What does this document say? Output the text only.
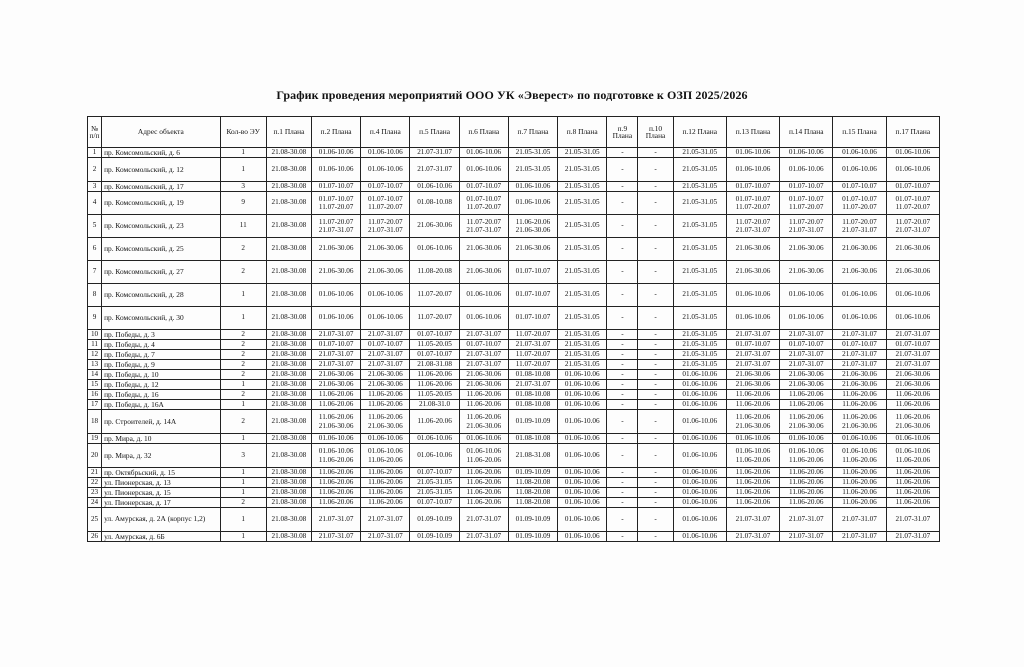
График проведения мероприятий ООО УК «Эверест» по подготовке к ОЗП 2025/2026
№ п/п	Адрес объекта	Кол-во ЭУ	п.1 Плана	п.2 Плана	п.4 Плана	п.5 Плана	п.6 Плана	п.7 Плана	п.8 Плана	п.9 Плана	п.10 Плана	п.12 Плана	п.13 Плана	п.14 Плана	п.15 Плана	п.17 Плана
1	пр. Комсомольский, д. 6	1	21.08-30.08	01.06-10.06	01.06-10.06	21.07-31.07	01.06-10.06	21.05-31.05	21.05-31.05	-	-	21.05-31.05	01.06-10.06	01.06-10.06	01.06-10.06	01.06-10.06
2	пр. Комсомольский, д. 12	1	21.08-30.08	01.06-10.06	01.06-10.06	21.07-31.07	01.06-10.06	21.05-31.05	21.05-31.05	-	-	21.05-31.05	01.06-10.06	01.06-10.06	01.06-10.06	01.06-10.06
3	пр. Комсомольский, д. 17	3	21.08-30.08	01.07-10.07	01.07-10.07	01.06-10.06	01.07-10.07	01.06-10.06	21.05-31.05	-	-	21.05-31.05	01.07-10.07	01.07-10.07	01.07-10.07	01.07-10.07
4	пр. Комсомольский, д. 19	9	21.08-30.08	01.07-10.07 11.07-20.07	01.07-10.07 11.07-20.07	01.08-10.08	01.07-10.07 11.07-20.07	01.06-10.06	21.05-31.05	-	-	21.05-31.05	01.07-10.07 11.07-20.07	01.07-10.07 11.07-20.07	01.07-10.07 11.07-20.07	01.07-10.07 11.07-20.07
5	пр. Комсомольский, д. 23	11	21.08-30.08	11.07-20.07 21.07-31.07	11.07-20.07 21.07-31.07	21.06-30.06	11.07-20.07 21.07-31.07	11.06-20.06 21.06-30.06	21.05-31.05	-	-	21.05-31.05	11.07-20.07 21.07-31.07	11.07-20.07 21.07-31.07	11.07-20.07 21.07-31.07	11.07-20.07 21.07-31.07
6	пр. Комсомольский, д. 25	2	21.08-30.08	21.06-30.06	21.06-30.06	01.06-10.06	21.06-30.06	21.06-30.06	21.05-31.05	-	-	21.05-31.05	21.06-30.06	21.06-30.06	21.06-30.06	21.06-30.06
7	пр. Комсомольский, д. 27	2	21.08-30.08	21.06-30.06	21.06-30.06	11.08-20.08	21.06-30.06	01.07-10.07	21.05-31.05	-	-	21.05-31.05	21.06-30.06	21.06-30.06	21.06-30.06	21.06-30.06
8	пр. Комсомольский, д. 28	1	21.08-30.08	01.06-10.06	01.06-10.06	11.07-20.07	01.06-10.06	01.07-10.07	21.05-31.05	-	-	21.05-31.05	01.06-10.06	01.06-10.06	01.06-10.06	01.06-10.06
9	пр. Комсомольский, д. 30	1	21.08-30.08	01.06-10.06	01.06-10.06	11.07-20.07	01.06-10.06	01.07-10.07	21.05-31.05	-	-	21.05-31.05	01.06-10.06	01.06-10.06	01.06-10.06	01.06-10.06
10	пр. Победы, д. 3	2	21.08-30.08	21.07-31.07	21.07-31.07	01.07-10.07	21.07-31.07	11.07-20.07	21.05-31.05	-	-	21.05-31.05	21.07-31.07	21.07-31.07	21.07-31.07	21.07-31.07
11	пр. Победы, д. 4	2	21.08-30.08	01.07-10.07	01.07-10.07	11.05-20.05	01.07-10.07	21.07-31.07	21.05-31.05	-	-	21.05-31.05	01.07-10.07	01.07-10.07	01.07-10.07	01.07-10.07
12	пр. Победы, д. 7	2	21.08-30.08	21.07-31.07	21.07-31.07	01.07-10.07	21.07-31.07	11.07-20.07	21.05-31.05	-	-	21.05-31.05	21.07-31.07	21.07-31.07	21.07-31.07	21.07-31.07
13	пр. Победы, д. 9	2	21.08-30.08	21.07-31.07	21.07-31.07	21.08-31.08	21.07-31.07	11.07-20.07	21.05-31.05	-	-	21.05-31.05	21.07-31.07	21.07-31.07	21.07-31.07	21.07-31.07
14	пр. Победы, д. 10	2	21.08-30.08	21.06-30.06	21.06-30.06	11.06-20.06	21.06-30.06	01.08-10.08	01.06-10.06	-	-	01.06-10.06	21.06-30.06	21.06-30.06	21.06-30.06	21.06-30.06
15	пр. Победы, д. 12	1	21.08-30.08	21.06-30.06	21.06-30.06	11.06-20.06	21.06-30.06	21.07-31.07	01.06-10.06	-	-	01.06-10.06	21.06-30.06	21.06-30.06	21.06-30.06	21.06-30.06
16	пр. Победы, д. 16	2	21.08-30.08	11.06-20.06	11.06-20.06	11.05-20.05	11.06-20.06	01.08-10.08	01.06-10.06	-	-	01.06-10.06	11.06-20.06	11.06-20.06	11.06-20.06	11.06-20.06
17	пр. Победы, д. 16А	1	21.08-30.08	11.06-20.06	11.06-20.06	21.08-31.0	11.06-20.06	01.08-10.08	01.06-10.06	-	-	01.06-10.06	11.06-20.06	11.06-20.06	11.06-20.06	11.06-20.06
18	пр. Строителей, д. 14А	2	21.08-30.08	11.06-20.06 21.06-30.06	11.06-20.06 21.06-30.06	11.06-20.06	11.06-20.06 21.06-30.06	01.09-10.09	01.06-10.06	-	-	01.06-10.06	11.06-20.06 21.06-30.06	11.06-20.06 21.06-30.06	11.06-20.06 21.06-30.06	11.06-20.06 21.06-30.06
19	пр. Мира, д. 10	1	21.08-30.08	01.06-10.06	01.06-10.06	01.06-10.06	01.06-10.06	01.08-10.08	01.06-10.06	-	-	01.06-10.06	01.06-10.06	01.06-10.06	01.06-10.06	01.06-10.06
20	пр. Мира, д. 32	3	21.08-30.08	01.06-10.06 11.06-20.06	01.06-10.06 11.06-20.06	01.06-10.06	01.06-10.06 11.06-20.06	21.08-31.08	01.06-10.06	-	-	01.06-10.06	01.06-10.06 11.06-20.06	01.06-10.06 11.06-20.06	01.06-10.06 11.06-20.06	01.06-10.06 11.06-20.06
21	пр. Октябрьский, д. 15	1	21.08-30.08	11.06-20.06	11.06-20.06	01.07-10.07	11.06-20.06	01.09-10.09	01.06-10.06	-	-	01.06-10.06	11.06-20.06	11.06-20.06	11.06-20.06	11.06-20.06
22	ул. Пионерская, д. 13	1	21.08-30.08	11.06-20.06	11.06-20.06	21.05-31.05	11.06-20.06	11.08-20.08	01.06-10.06	-	-	01.06-10.06	11.06-20.06	11.06-20.06	11.06-20.06	11.06-20.06
23	ул. Пионерская, д. 15	1	21.08-30.08	11.06-20.06	11.06-20.06	21.05-31.05	11.06-20.06	11.08-20.08	01.06-10.06	-	-	01.06-10.06	11.06-20.06	11.06-20.06	11.06-20.06	11.06-20.06
24	ул. Пионерская, д. 17	2	21.08-30.08	11.06-20.06	11.06-20.06	01.07-10.07	11.06-20.06	11.08-20.08	01.06-10.06	-	-	01.06-10.06	11.06-20.06	11.06-20.06	11.06-20.06	11.06-20.06
25	ул. Амурская, д. 2А (корпус 1,2)	1	21.08-30.08	21.07-31.07	21.07-31.07	01.09-10.09	21.07-31.07	01.09-10.09	01.06-10.06	-	-	01.06-10.06	21.07-31.07	21.07-31.07	21.07-31.07	21.07-31.07
26	ул. Амурская, д. 6Б	1	21.08-30.08	21.07-31.07	21.07-31.07	01.09-10.09	21.07-31.07	01.09-10.09	01.06-10.06	-	-	01.06-10.06	21.07-31.07	21.07-31.07	21.07-31.07	21.07-31.07
